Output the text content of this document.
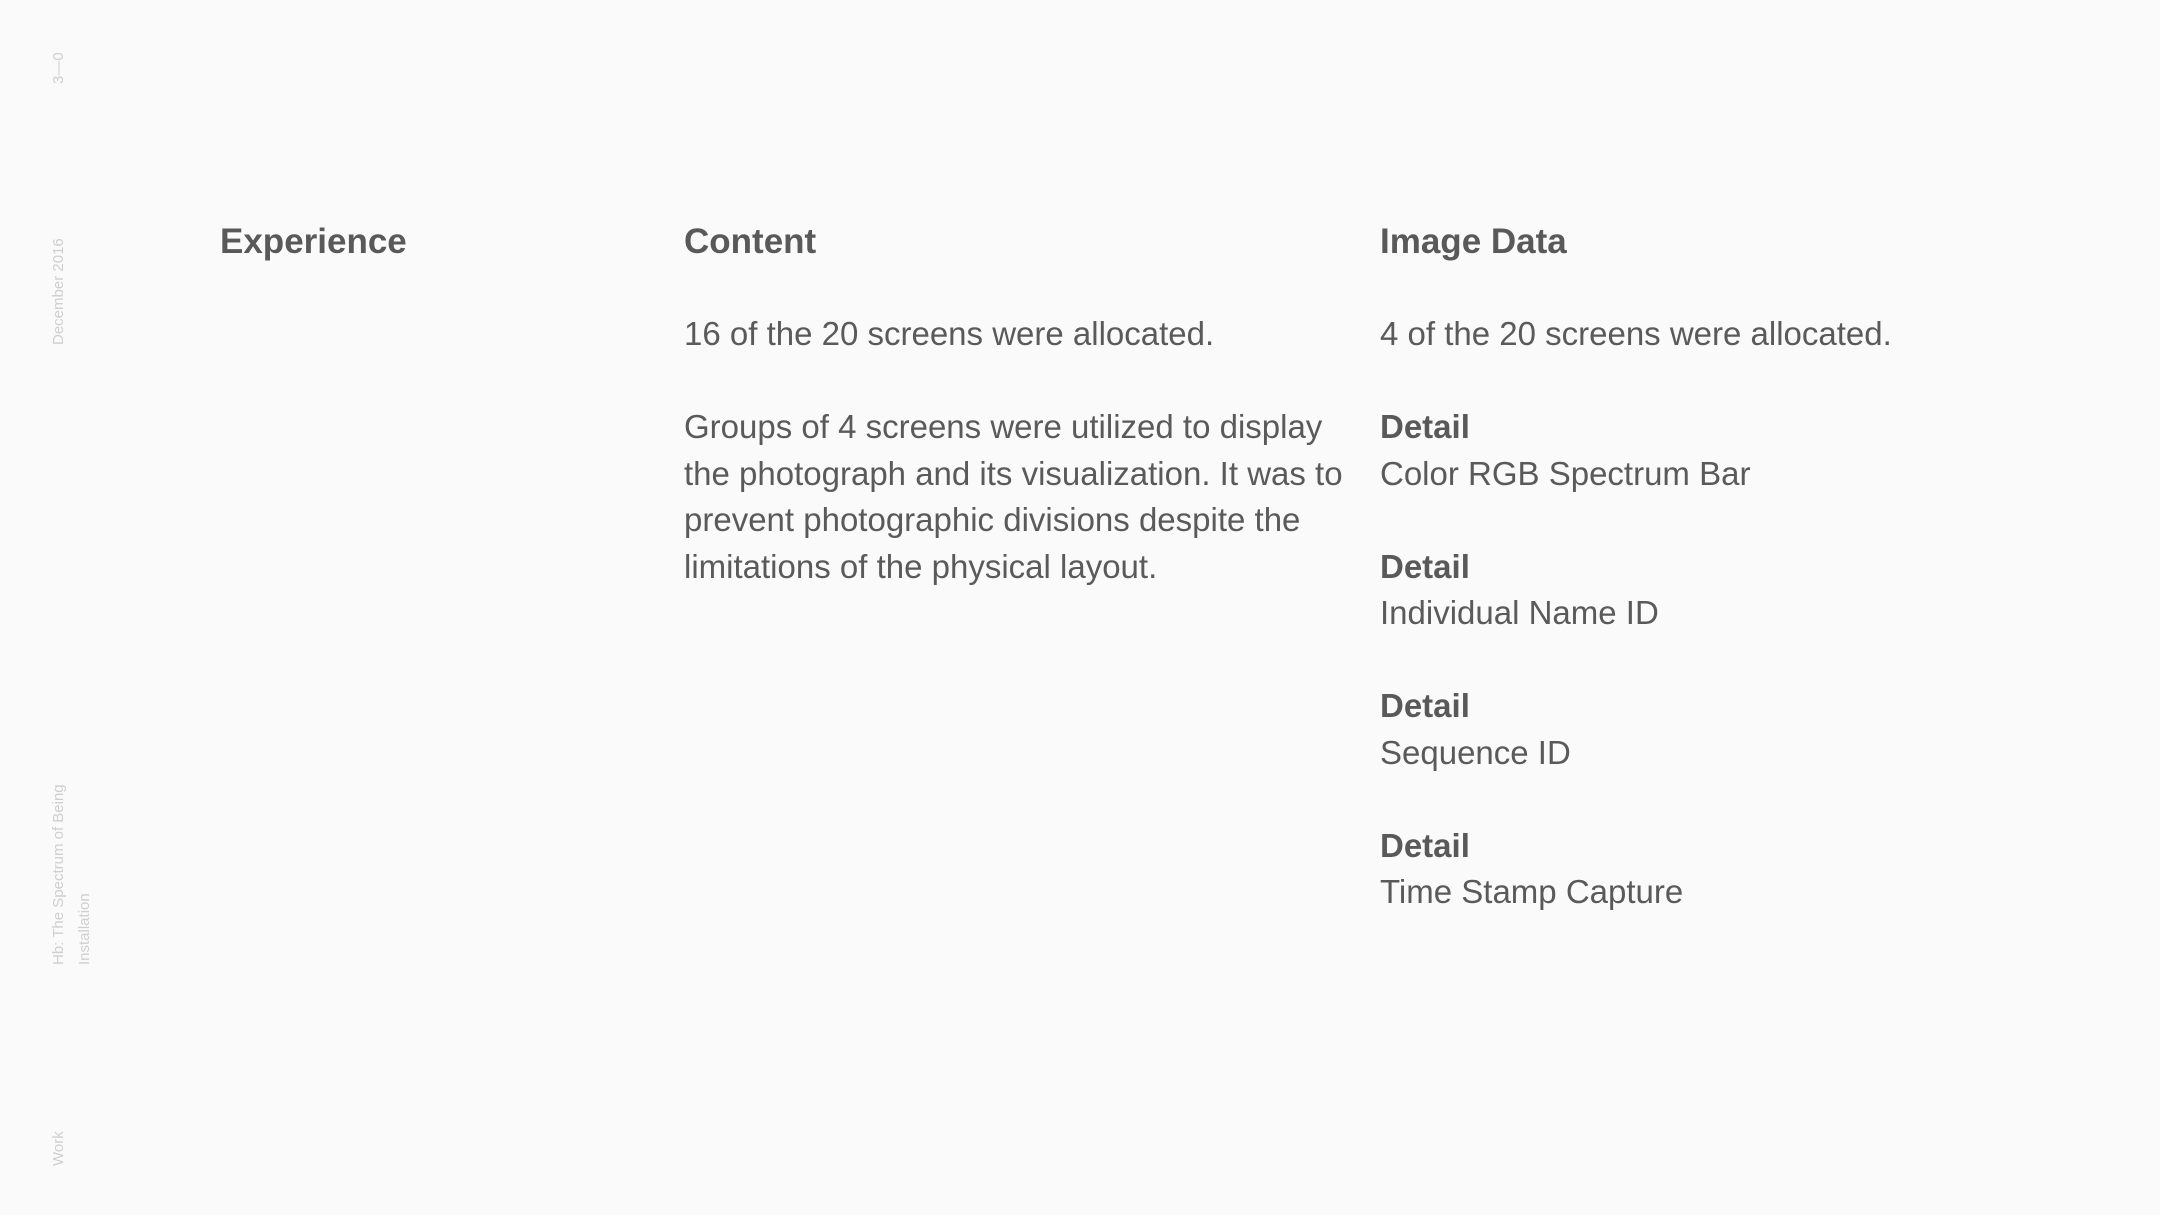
3—0
December 2016
Hb: The Spectrum of Being Installation
Work
Experience	Content	Image Data

16 of the 20 screens were allocated.

Groups of 4 screens were utilized to display
the photograph and its visualization. It was to
prevent photographic divisions despite the
limitations of the physical layout.

4 of the 20 screens were allocated.

Detail
Color RGB Spectrum Bar

Detail
Individual Name ID

Detail
Sequence ID

Detail
Time Stamp Capture
